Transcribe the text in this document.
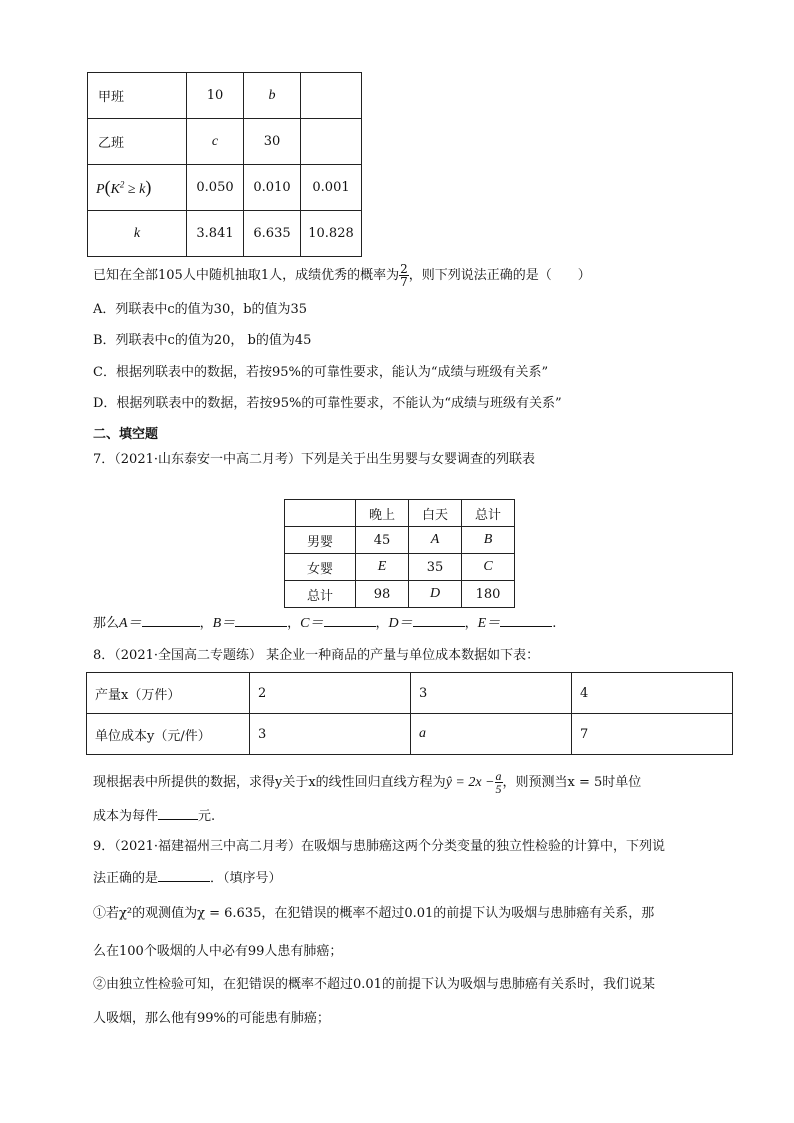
甲班	10	b	
乙班	c	30	
$P(K^2 \ge k)$	0.050	0.010	0.001
k	3.841	6.635	10.828
已知在全部105人中随机抽取1人，成绩优秀的概率为 $\frac{2}{7}$ ，则下列说法正确的是（　　）
A．列联表中c的值为30，b的值为35
B．列联表中c的值为20， b的值为45
C．根据列联表中的数据，若按95%的可靠性要求，能认为“成绩与班级有关系”
D．根据列联表中的数据，若按95%的可靠性要求，不能认为“成绩与班级有关系”
二、填空题
7．（2021·山东泰安一中高二月考）下列是关于出生男婴与女婴调查的列联表
	晚上	白天	总计
男婴	45	A	B
女婴	E	35	C
总计	98	D	180
那么A＝	，B＝	，C＝	，D＝	，E＝	.
8．（2021·全国高二专题练） 某企业一种商品的产量与单位成本数据如下表：
产量x（万件）	2	3	4
单位成本y（元/件）	3	a	7
现根据表中所提供的数据，求得y关于x的线性回归直线方程为ŷ = $2x - \frac{a}{5}$ ，则预测当x = 5时单位
成本为每件	元.
9．（2021·福建福州三中高二月考）在吸烟与患肺癌这两个分类变量的独立性检验的计算中，下列说
法正确的是	．（填序号）
①若χ²的观测值为χ = 6.635，在犯错误的概率不超过0.01的前提下认为吸烟与患肺癌有关系，那
么在100个吸烟的人中必有99人患有肺癌；
②由独立性检验可知，在犯错误的概率不超过0.01的前提下认为吸烟与患肺癌有关系时，我们说某
人吸烟，那么他有99%的可能患有肺癌；
